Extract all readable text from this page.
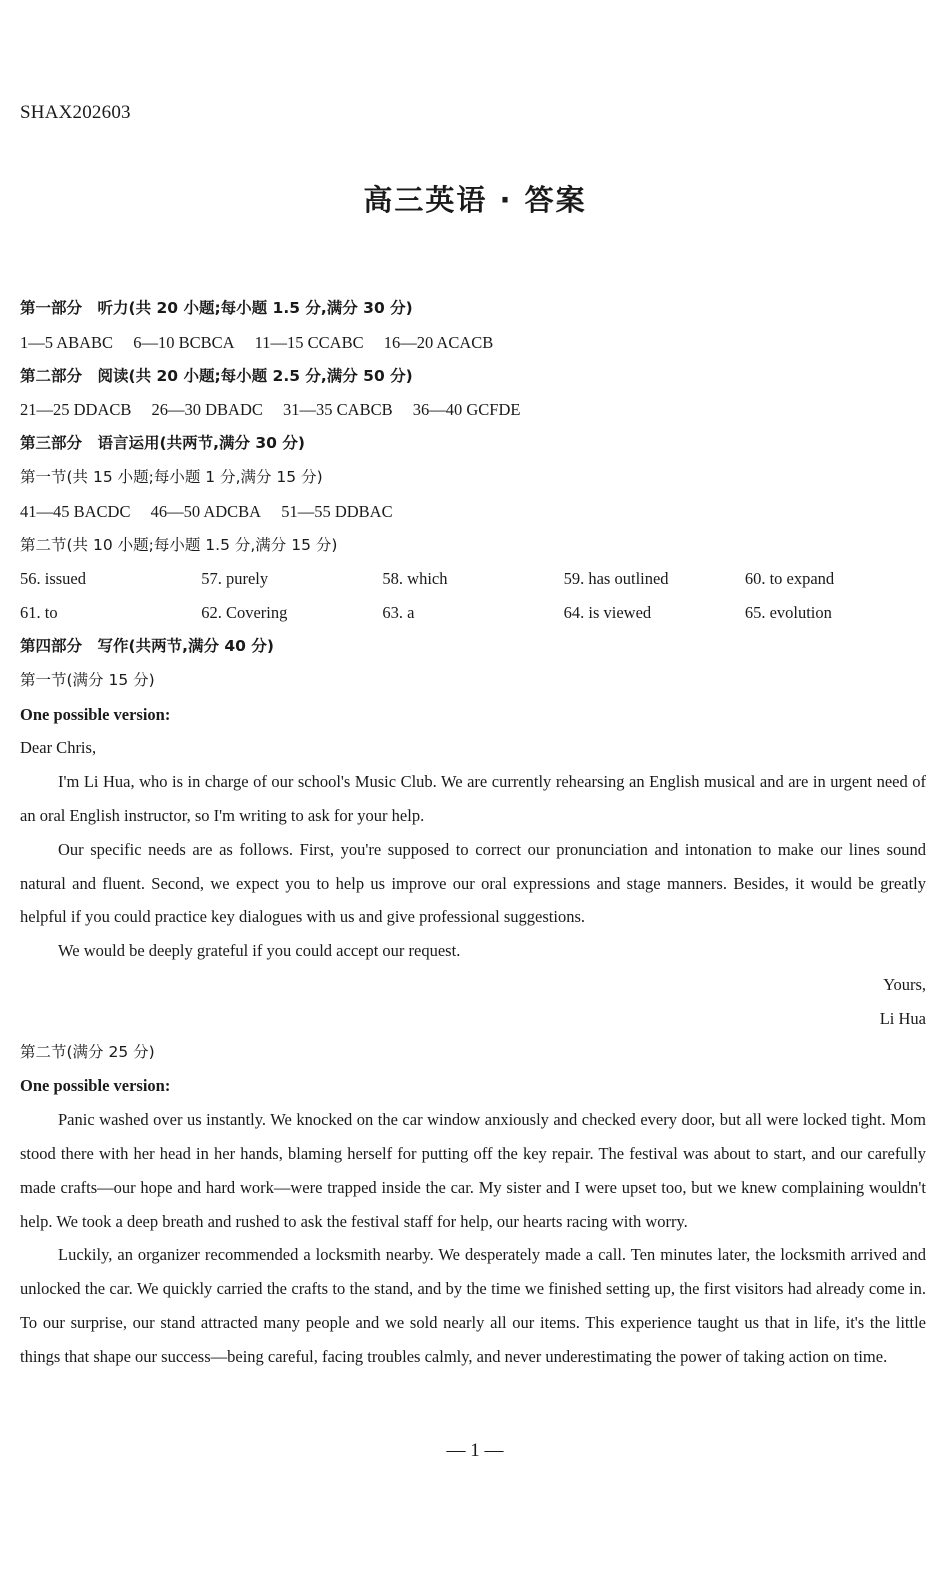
SHAX202603
高三英语 · 答案
第一部分　听力(共 20 小题;每小题 1.5 分,满分 30 分)
1—5 ABABC 6—10 BCBCA 11—15 CCABC 16—20 ACACB
第二部分　阅读(共 20 小题;每小题 2.5 分,满分 50 分)
21—25 DDACB 26—30 DBADC 31—35 CABCB 36—40 GCFDE
第三部分　语言运用(共两节,满分 30 分)
第一节(共 15 小题;每小题 1 分,满分 15 分)
41—45 BACDC 46—50 ADCBA 51—55 DDBAC
第二节(共 10 小题;每小题 1.5 分,满分 15 分)
56. issued	57. purely	58. which	59. has outlined	60. to expand
61. to	62. Covering	63. a	64. is viewed	65. evolution
第四部分　写作(共两节,满分 40 分)
第一节(满分 15 分)
One possible version:
Dear Chris,

I'm Li Hua, who is in charge of our school's Music Club. We are currently rehearsing an English musical and are in urgent need of an oral English instructor, so I'm writing to ask for your help.

Our specific needs are as follows. First, you're supposed to correct our pronunciation and intonation to make our lines sound natural and fluent. Second, we expect you to help us improve our oral expressions and stage manners. Besides, it would be greatly helpful if you could practice key dialogues with us and give professional suggestions.

We would be deeply grateful if you could accept our request.

Yours,
Li Hua
第二节(满分 25 分)
One possible version:

Panic washed over us instantly. We knocked on the car window anxiously and checked every door, but all were locked tight. Mom stood there with her head in her hands, blaming herself for putting off the key repair. The festival was about to start, and our carefully made crafts—our hope and hard work—were trapped inside the car. My sister and I were upset too, but we knew complaining wouldn't help. We took a deep breath and rushed to ask the festival staff for help, our hearts racing with worry.

Luckily, an organizer recommended a locksmith nearby. We desperately made a call. Ten minutes later, the locksmith arrived and unlocked the car. We quickly carried the crafts to the stand, and by the time we finished setting up, the first visitors had already come in. To our surprise, our stand attracted many people and we sold nearly all our items. This experience taught us that in life, it's the little things that shape our success—being careful, facing troubles calmly, and never underestimating the power of taking action on time.

— 1 —
